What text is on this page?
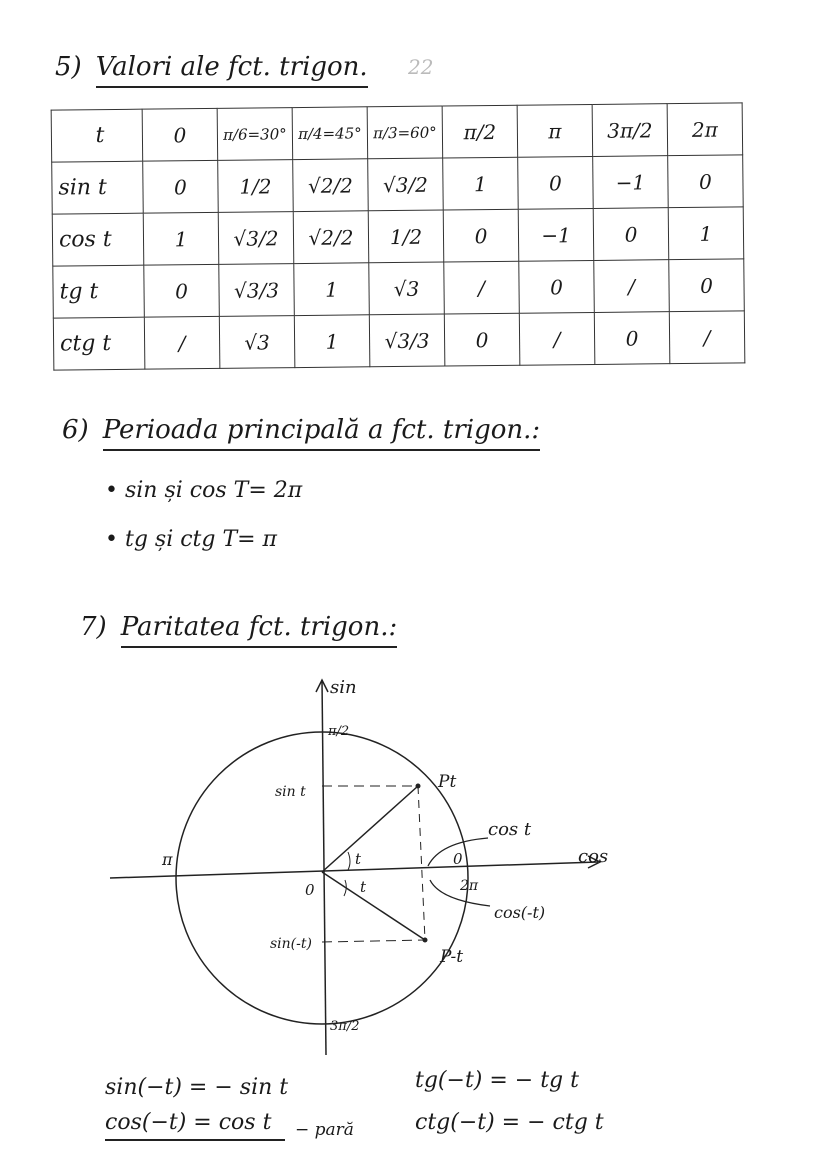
5) Valori ale fct. trigon. 22
t	0	π/6=30°	π/4=45°	π/3=60°	π/2	π	3π/2	2π
sin t	0	1/2	√2/2	√3/2	1	0	−1	0
cos t	1	√3/2	√2/2	1/2	0	−1	0	1
tg t	0	√3/3	1	√3	/	0	/	0
ctg t	/	√3	1	√3/3	0	/	0	/
6) Perioada principală a fct. trigon.:
• sin și cos T= 2π
• tg și ctg T= π
7) Paritatea fct. trigon.:
sin
cos
π/2
3π/2
π	0
2π
0
Pt
P-t
sin t
sin(-t)
cos t
cos(-t)
t
t
sin(−t) = − sin t
cos(−t) = cos t	− pară
tg(−t) = − tg t
ctg(−t) = − ctg t
